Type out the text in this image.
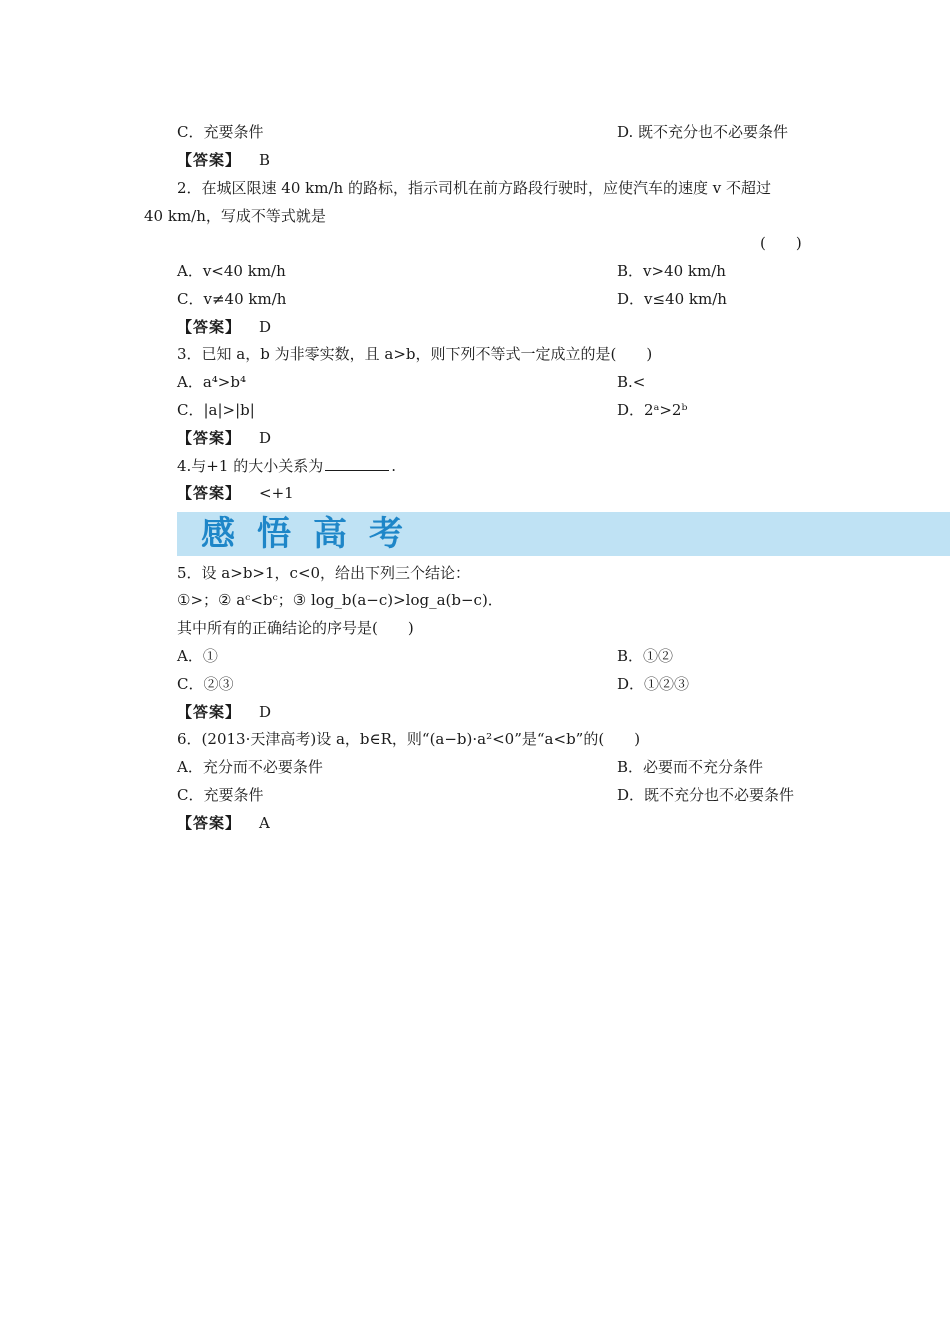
C．充要条件	D. 既不充分也不必要条件
【答案】 B
2．在城区限速 40 km/h 的路标，指示司机在前方路段行驶时，应使汽车的速度 v 不超过
40 km/h，写成不等式就是
(　　)
A．v<40 km/h	B．v>40 km/h
C．v≠40 km/h	D．v≤40 km/h
【答案】 D
3．已知 a，b 为非零实数，且 a>b，则下列不等式一定成立的是(　　)
A．a⁴>b⁴	B.<
C．|a|>|b|	D．2ᵃ>2ᵇ
【答案】 D
4.与+1 的大小关系为	.
【答案】 <+1
感悟高考
5．设 a>b>1，c<0，给出下列三个结论：
①>；② aᶜ<bᶜ；③ log_b(a−c)>log_a(b−c)．
其中所有的正确结论的序号是(　　)
A．①	B．①②
C．②③	D．①②③
【答案】 D
6．(2013·天津高考)设 a，b∈R，则“(a−b)·a²<0”是“a<b”的(　　)
A．充分而不必要条件	B．必要而不充分条件
C．充要条件	D．既不充分也不必要条件
【答案】 A
